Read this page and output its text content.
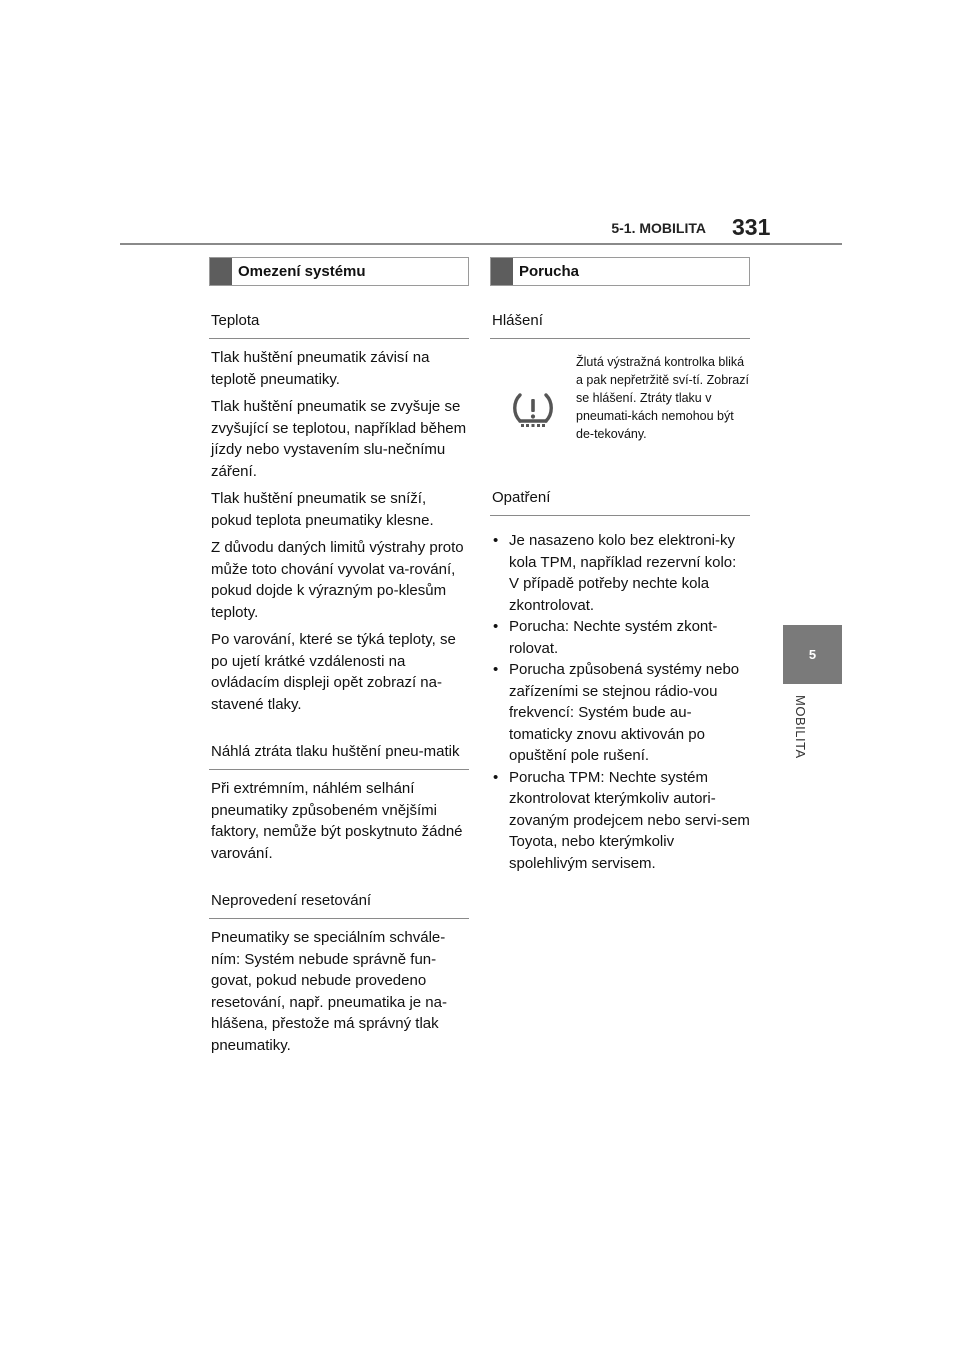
5-1. MOBILITA 331
5
MOBILITA
Omezení systému
Teplota

Tlak huštění pneumatik závisí na teplotě pneumatiky.

Tlak huštění pneumatik se zvyšuje se zvyšující se teplotou, například během jízdy nebo vystavením slu-nečnímu záření.

Tlak huštění pneumatik se sníží, pokud teplota pneumatiky klesne.

Z důvodu daných limitů výstrahy proto může toto chování vyvolat va-rování, pokud dojde k výrazným po-klesům teploty.

Po varování, které se týká teploty, se po ujetí krátké vzdálenosti na ovládacím displeji opět zobrazí na-stavené tlaky.

Náhlá ztráta tlaku huštění pneu-matik

Při extrémním, náhlém selhání pneumatiky způsobeném vnějšími faktory, nemůže být poskytnuto žádné varování.

Neprovedení resetování

Pneumatiky se speciálním schvále-ním: Systém nebude správně fun-govat, pokud nebude provedeno resetování, např. pneumatika je na-hlášena, přestože má správný tlak pneumatiky.

Porucha
Hlášení
Žlutá výstražná kontrolka bliká a pak nepřetržitě sví-tí. Zobrazí se hlášení. Ztráty tlaku v pneumati-kách nemohou být de-tekovány.
Opatření
• Je nasazeno kolo bez elektroni-ky kola TPM, například rezervní kolo: V případě potřeby nechte kola zkontrolovat.
• Porucha: Nechte systém zkont-rolovat.
• Porucha způsobená systémy nebo zařízeními se stejnou rádio-vou frekvencí: Systém bude au-tomaticky znovu aktivován po opuštění pole rušení.
• Porucha TPM: Nechte systém zkontrolovat kterýmkoliv autori-zovaným prodejcem nebo servi-sem Toyota, nebo kterýmkoliv spolehlivým servisem.
